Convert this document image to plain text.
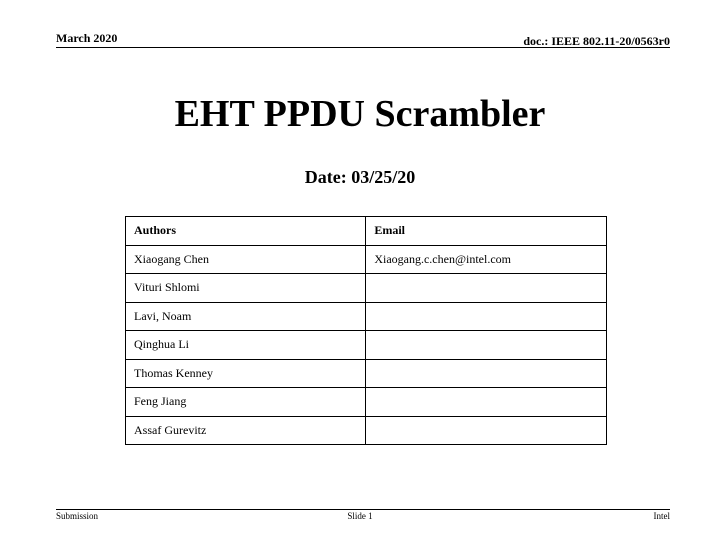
March 2020	doc.: IEEE 802.11-20/0563r0
EHT PPDU Scrambler
Date: 03/25/20
Authors	Email
Xiaogang Chen	Xiaogang.c.chen@intel.com
Vituri Shlomi	
Lavi, Noam	
Qinghua Li	
Thomas Kenney	
Feng Jiang	
Assaf Gurevitz	
Submission	Slide 1	Intel
